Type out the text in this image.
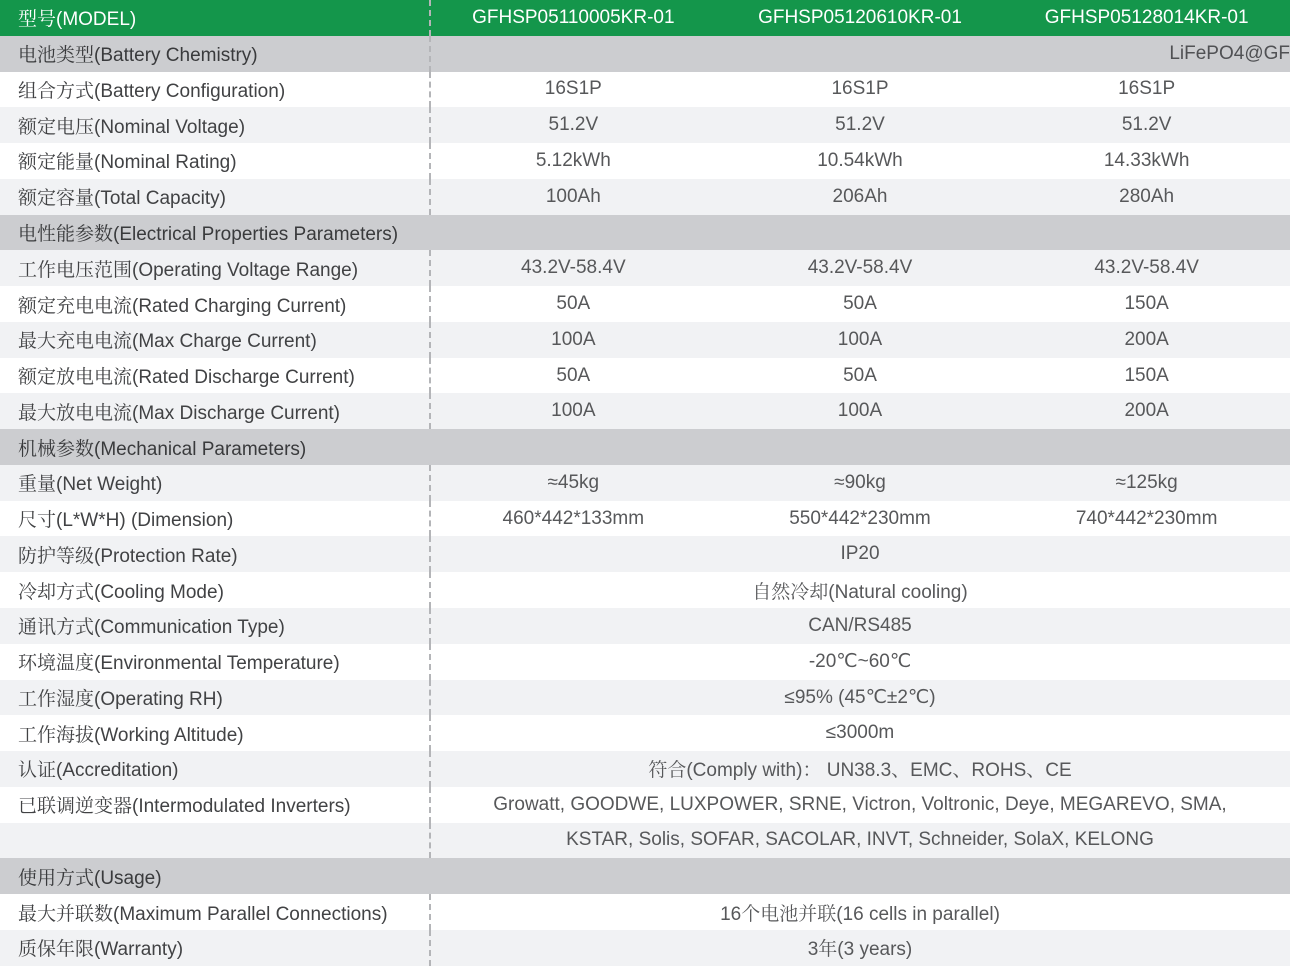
型号(MODEL)	GFHSP05110005KR-01	GFHSP05120610KR-01	GFHSP05128014KR-01
电池类型(Battery Chemistry)	LiFePO4@GF
组合方式(Battery Configuration)	16S1P	16S1P	16S1P
额定电压(Nominal Voltage)	51.2V	51.2V	51.2V
额定能量(Nominal Rating)	5.12kWh	10.54kWh	14.33kWh
额定容量(Total Capacity)	100Ah	206Ah	280Ah
电性能参数(Electrical Properties Parameters)
工作电压范围(Operating Voltage Range)	43.2V-58.4V	43.2V-58.4V	43.2V-58.4V
额定充电电流(Rated Charging Current)	50A	50A	150A
最大充电电流(Max Charge Current)	100A	100A	200A
额定放电电流(Rated Discharge Current)	50A	50A	150A
最大放电电流(Max Discharge Current)	100A	100A	200A
机械参数(Mechanical Parameters)
重量(Net Weight)	≈45kg	≈90kg	≈125kg
尺寸(L*W*H) (Dimension)	460*442*133mm	550*442*230mm	740*442*230mm
防护等级(Protection Rate)	IP20
冷却方式(Cooling Mode)	自然冷却(Natural cooling)
通讯方式(Communication Type)	CAN/RS485
环境温度(Environmental Temperature)	-20℃~60℃
工作湿度(Operating RH)	≤95% (45℃±2℃)
工作海拔(Working Altitude)	≤3000m
认证(Accreditation)	符合(Comply with)： UN38.3、EMC、ROHS、CE
已联调逆变器(Intermodulated Inverters)	Growatt, GOODWE, LUXPOWER, SRNE, Victron, Voltronic, Deye, MEGAREVO, SMA,
KSTAR, Solis, SOFAR, SACOLAR, INVT, Schneider, SolaX, KELONG
使用方式(Usage)
最大并联数(Maximum Parallel Connections)	16个电池并联(16 cells in parallel)
质保年限(Warranty)	3年(3 years)
